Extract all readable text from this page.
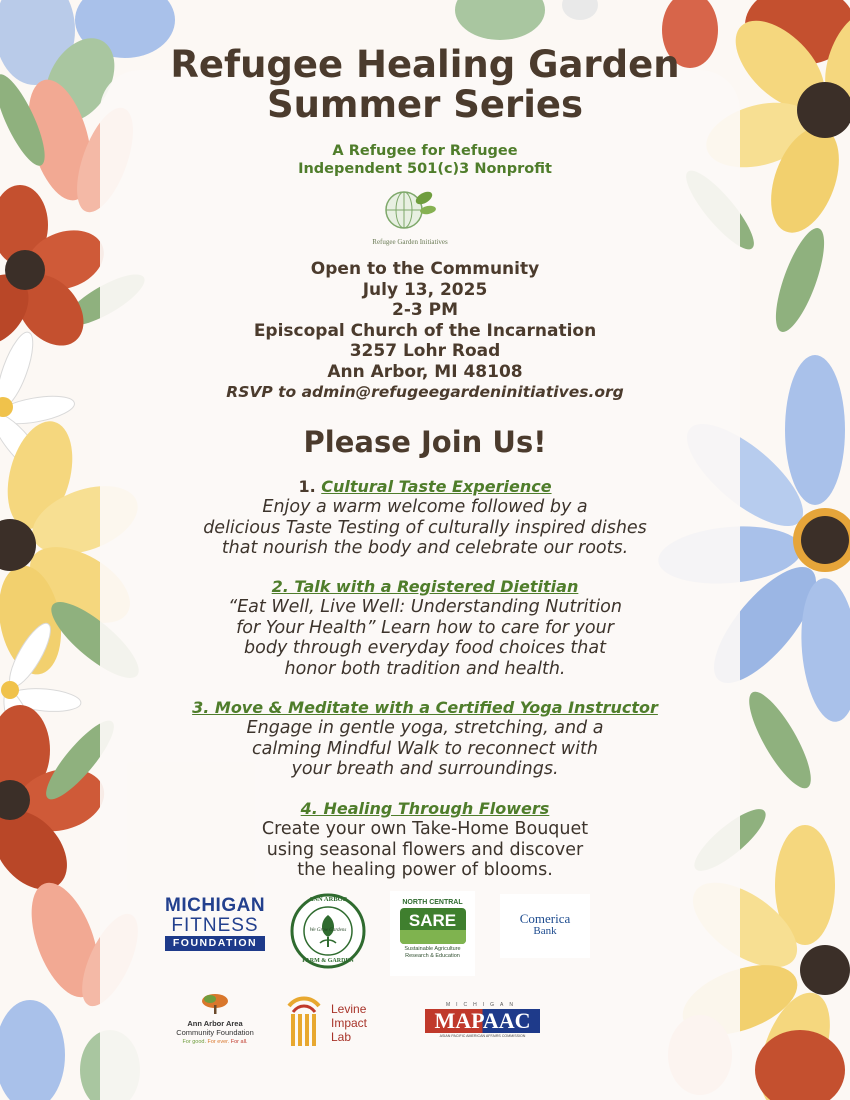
Refugee Healing Garden
Summer Series
A Refugee for Refugee
Independent 501(c)3 Nonprofit
Refugee Garden Initiatives
Open to the Community
July 13, 2025
2-3 PM
Episcopal Church of the Incarnation
3257 Lohr Road
Ann Arbor, MI 48108
RSVP to admin@refugeegardeninitiatives.org
Please Join Us!
1. Cultural Taste Experience
Enjoy a warm welcome followed by a
delicious Taste Testing of culturally inspired dishes
that nourish the body and celebrate our roots.
2. Talk with a Registered Dietitian
“Eat Well, Live Well: Understanding Nutrition
for Your Health” Learn how to care for your
body through everyday food choices that
honor both tradition and health.
3. Move & Meditate with a Certified Yoga Instructor
Engage in gentle yoga, stretching, and a
calming Mindful Walk to reconnect with
your breath and surroundings.
4. Healing Through Flowers
Create your own Take-Home Bouquet
using seasonal flowers and discover
the healing power of blooms.
MICHIGAN
FITNESS
FOUNDATION
ANN ARBOR
We Grow Gardens
FARM & GARDEN
NORTH CENTRAL
SARE
Sustainable Agriculture
Research & Education
Comerica
Bank
Ann Arbor Area
Community Foundation
For good. For ever. For all.
Levine
Impact
Lab
MICHIGAN
MAPAAC
ASIAN PACIFIC AMERICAN AFFAIRS COMMISSION
